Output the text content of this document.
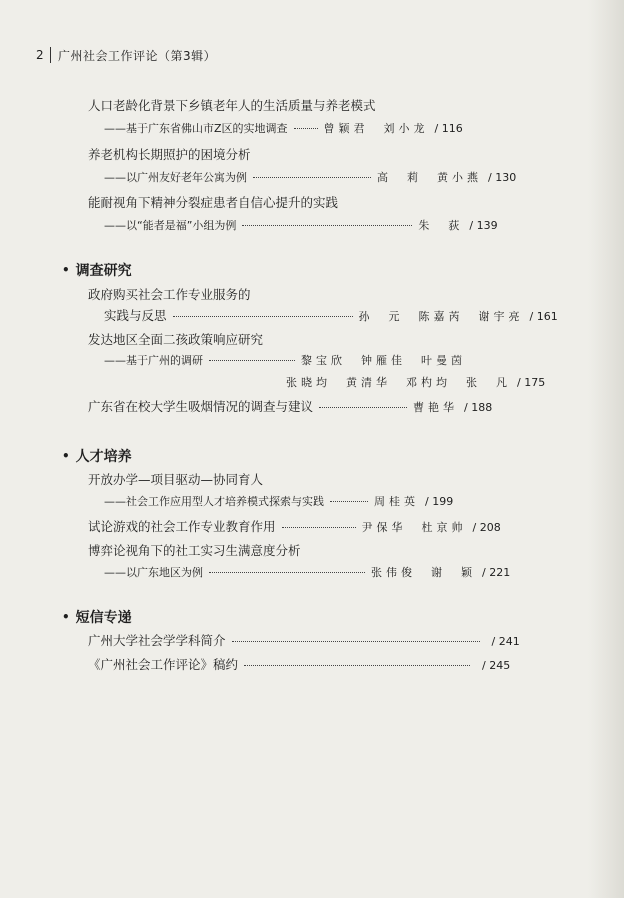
2 广州社会工作评论（第3辑）
人口老龄化背景下乡镇老年人的生活质量与养老模式
——基于广东省佛山市Z区的实地调查	曾颖君　刘小龙 / 116
养老机构长期照护的困境分析
——以广州友好老年公寓为例	高　莉　黄小燕 / 130
能耐视角下精神分裂症患者自信心提升的实践
——以“能者是福”小组为例	朱　荻 / 139
• 调查研究
政府购买社会工作专业服务的
实践与反思	孙　元　陈嘉芮　谢宇亮 / 161
发达地区全面二孩政策响应研究
——基于广州的调研	黎宝欣　钟雁佳　叶曼茵
张晓均　黄清华　邓杓均　张　凡 / 175
广东省在校大学生吸烟情况的调查与建议	曹艳华 / 188
• 人才培养
开放办学—项目驱动—协同育人
——社会工作应用型人才培养模式探索与实践	周桂英 / 199
试论游戏的社会工作专业教育作用	尹保华　杜京帅 / 208
博弈论视角下的社工实习生满意度分析
——以广东地区为例	张伟俊　谢　颖 / 221
• 短信专递
广州大学社会学学科简介	/ 241
《广州社会工作评论》稿约	/ 245
